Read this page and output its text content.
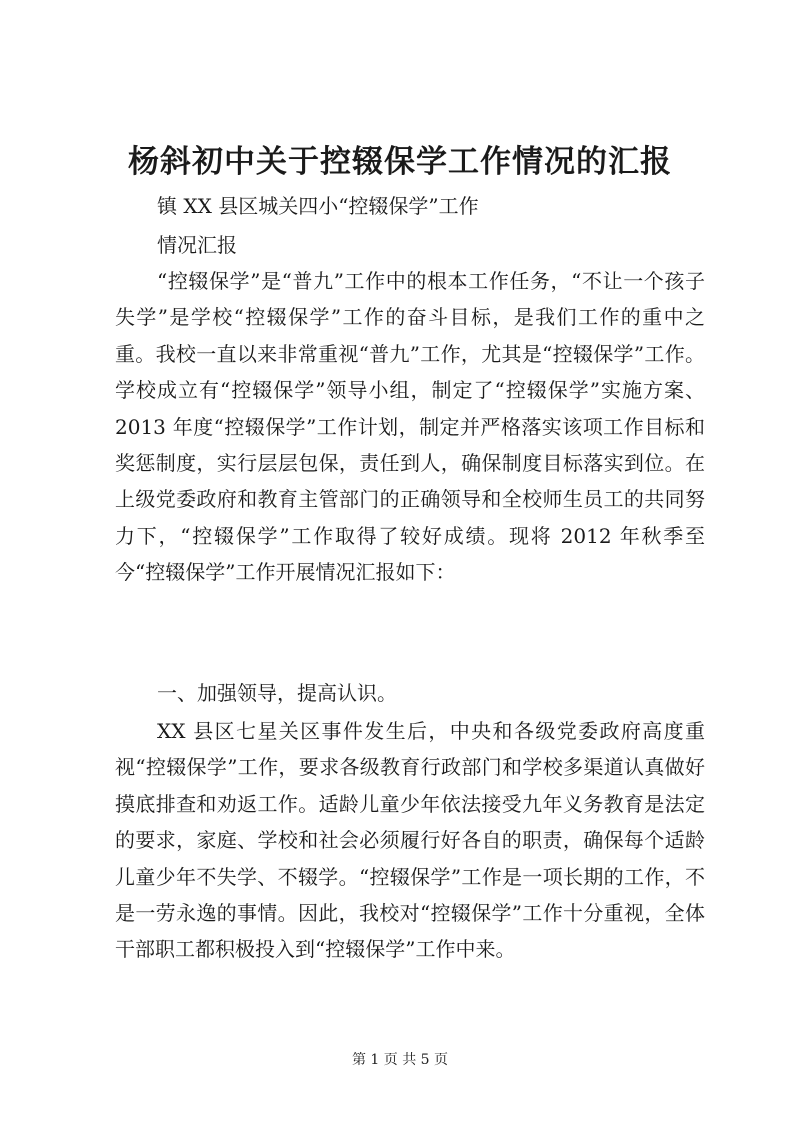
杨斜初中关于控辍保学工作情况的汇报

镇 XX 县区城关四小“控辍保学”工作

情况汇报

“控辍保学”是“普九”工作中的根本工作任务，“不让一个孩子失学”是学校“控辍保学”工作的奋斗目标，是我们工作的重中之重。我校一直以来非常重视“普九”工作，尤其是“控辍保学”工作。学校成立有“控辍保学”领导小组，制定了“控辍保学”实施方案、2013 年度“控辍保学”工作计划，制定并严格落实该项工作目标和奖惩制度，实行层层包保，责任到人，确保制度目标落实到位。在上级党委政府和教育主管部门的正确领导和全校师生员工的共同努力下，“控辍保学”工作取得了较好成绩。现将 2012 年秋季至今“控辍保学”工作开展情况汇报如下：

一、加强领导，提高认识。

XX 县区七星关区事件发生后，中央和各级党委政府高度重视“控辍保学”工作，要求各级教育行政部门和学校多渠道认真做好摸底排查和劝返工作。适龄儿童少年依法接受九年义务教育是法定的要求，家庭、学校和社会必须履行好各自的职责，确保每个适龄儿童少年不失学、不辍学。“控辍保学”工作是一项长期的工作，不是一劳永逸的事情。因此，我校对“控辍保学”工作十分重视，全体干部职工都积极投入到“控辍保学”工作中来。

第 1 页 共 5 页
